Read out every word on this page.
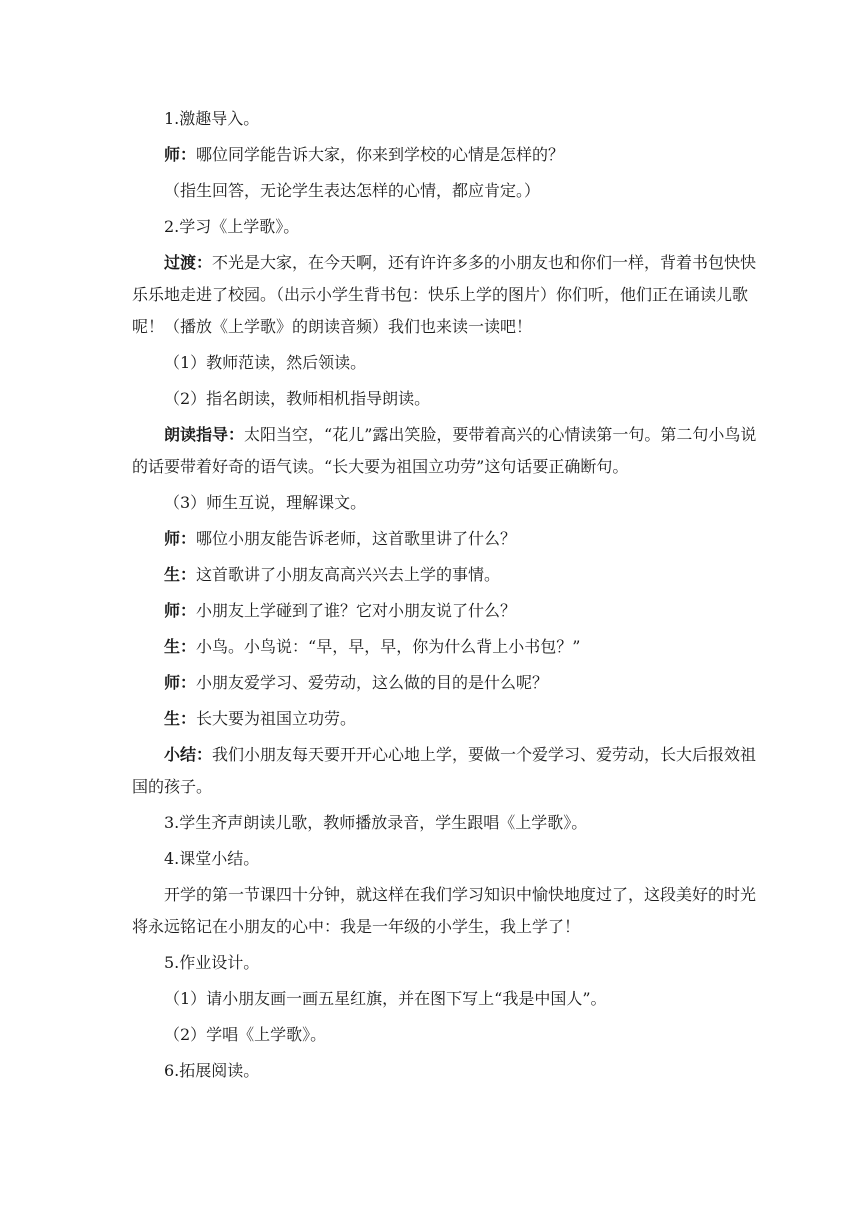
1.激趣导入。

师：哪位同学能告诉大家，你来到学校的心情是怎样的？

（指生回答，无论学生表达怎样的心情，都应肯定。）

2.学习《上学歌》。

过渡：不光是大家，在今天啊，还有许许多多的小朋友也和你们一样，背着书包快快乐乐地走进了校园。（出示小学生背书包：快乐上学的图片）你们听，他们正在诵读儿歌呢！（播放《上学歌》的朗读音频）我们也来读一读吧！

（1）教师范读，然后领读。

（2）指名朗读，教师相机指导朗读。

朗读指导：太阳当空，“花儿”露出笑脸，要带着高兴的心情读第一句。第二句小鸟说的话要带着好奇的语气读。“长大要为祖国立功劳”这句话要正确断句。

（3）师生互说，理解课文。

师：哪位小朋友能告诉老师，这首歌里讲了什么？

生：这首歌讲了小朋友高高兴兴去上学的事情。

师：小朋友上学碰到了谁？它对小朋友说了什么？

生：小鸟。小鸟说：“早，早，早，你为什么背上小书包？”

师：小朋友爱学习、爱劳动，这么做的目的是什么呢？

生：长大要为祖国立功劳。

小结：我们小朋友每天要开开心心地上学，要做一个爱学习、爱劳动，长大后报效祖国的孩子。

3.学生齐声朗读儿歌，教师播放录音，学生跟唱《上学歌》。

4.课堂小结。

开学的第一节课四十分钟，就这样在我们学习知识中愉快地度过了，这段美好的时光将永远铭记在小朋友的心中：我是一年级的小学生，我上学了！

5.作业设计。

（1）请小朋友画一画五星红旗，并在图下写上“我是中国人”。

（2）学唱《上学歌》。

6.拓展阅读。
